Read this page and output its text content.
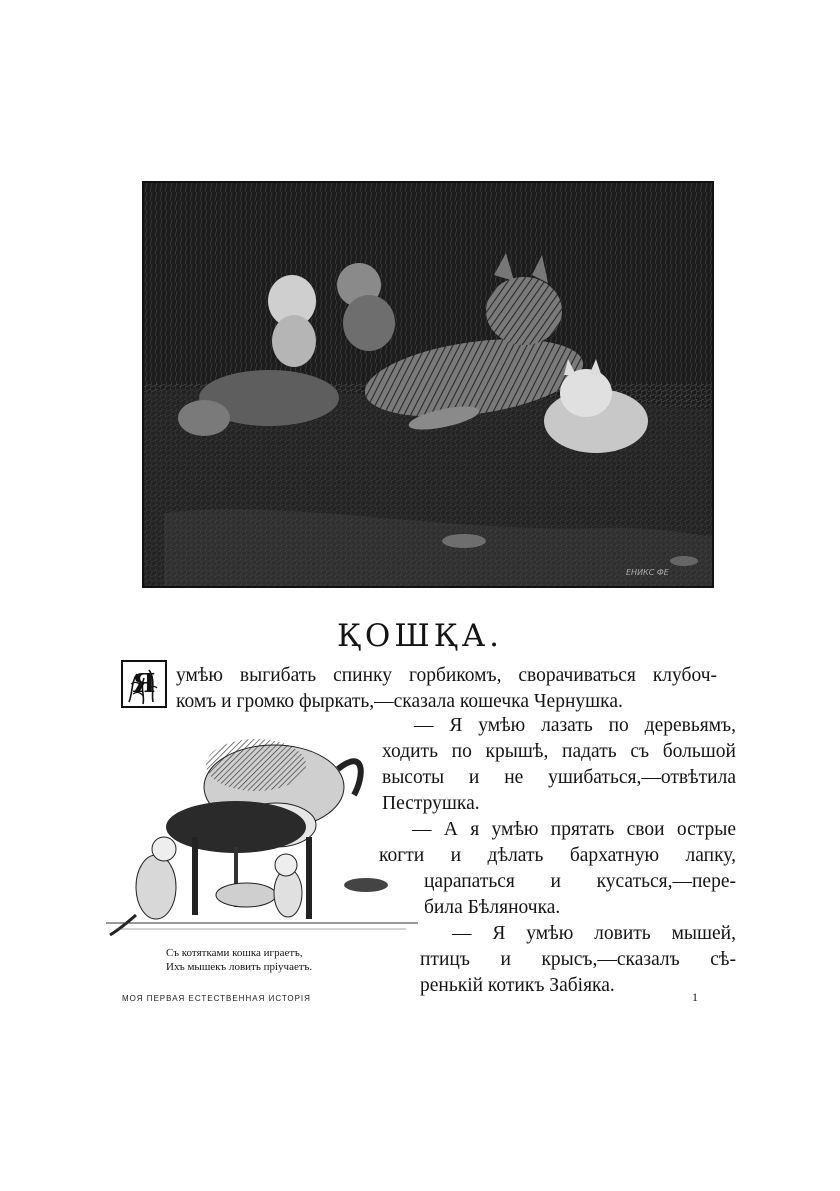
ЕНИКС ФЕ
ҚОШҚА.
Я умѣю выгибать спинку горбикомъ, сворачиваться клубоч-
комъ и громко фыркать,—сказала кошечка Чернушка.
— Я умѣю лазать по деревьямъ,
ходить по крышѣ, падать съ большой
высоты и не ушибаться,—отвѣтила
Пеструшка.
— А я умѣю прятать свои острые
когти и дѣлать бархатную лапку,
царапаться и кусаться,—пере-
била Бѣляночка.
— Я умѣю ловить мышей,
птицъ и крысъ,—сказалъ сѣ-
ренькій котикъ Забіяка.
Съ котятками кошка играетъ,
Ихъ мышекъ ловить пріучаетъ.
МОЯ ПЕРВАЯ ЕСТЕСТВЕННАЯ ИСТОРІЯ	1
